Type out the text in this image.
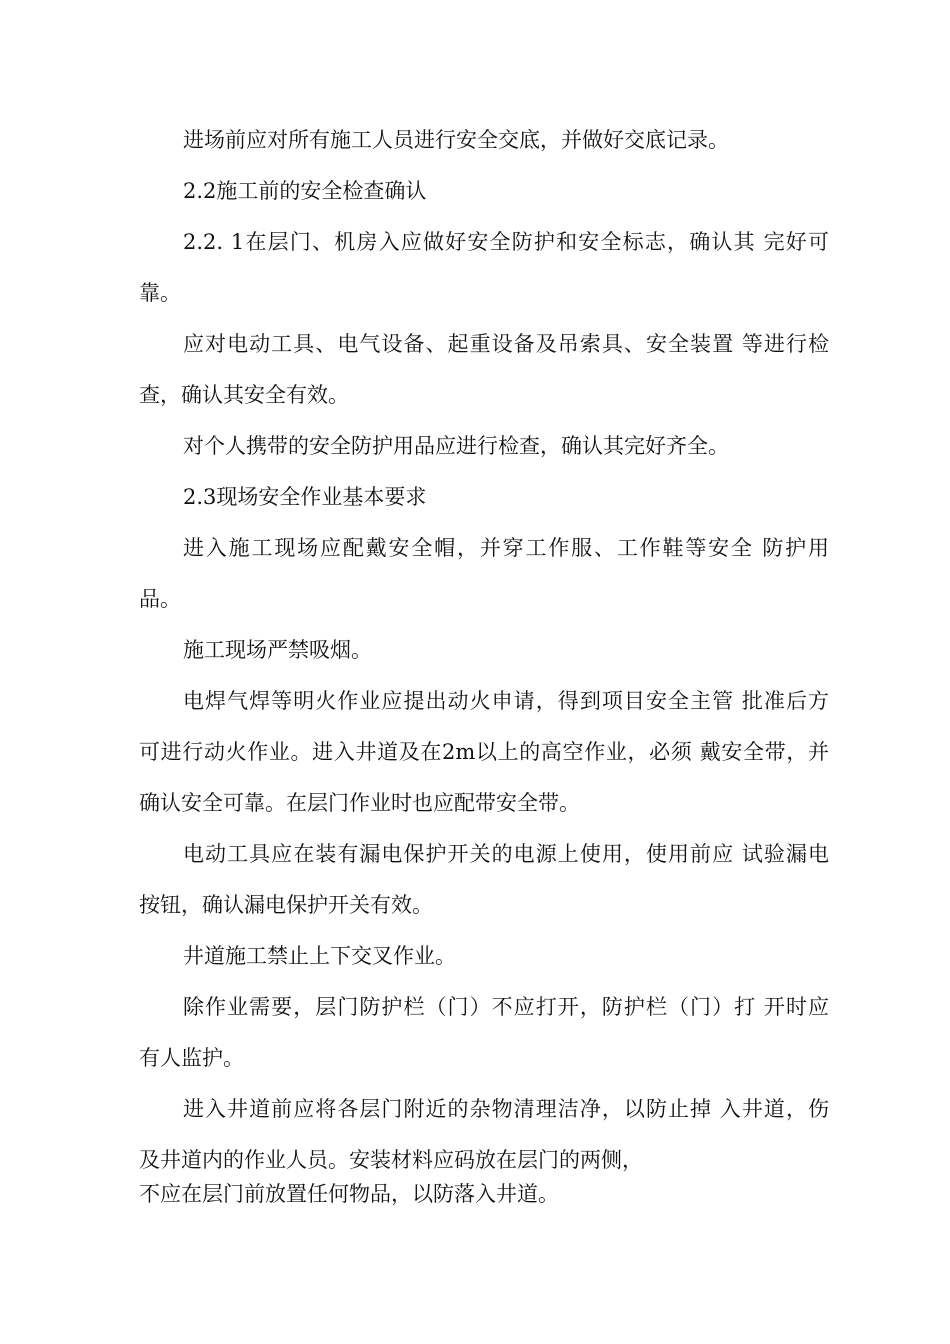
进场前应对所有施工人员进行安全交底，并做好交底记录。
2.2施工前的安全检查确认
2.2. 1在层门、机房入应做好安全防护和安全标志，确认其 完好可
靠。
应对电动工具、电气设备、起重设备及吊索具、安全装置 等进行检
查，确认其安全有效。
对个人携带的安全防护用品应进行检查，确认其完好齐全。
2.3现场安全作业基本要求
进入施工现场应配戴安全帽，并穿工作服、工作鞋等安全 防护用
品。
施工现场严禁吸烟。
电焊气焊等明火作业应提出动火申请，得到项目安全主管 批准后方
可进行动火作业。进入井道及在2m以上的高空作业，必须 戴安全带，并
确认安全可靠。在层门作业时也应配带安全带。
电动工具应在装有漏电保护开关的电源上使用，使用前应 试验漏电
按钮，确认漏电保护开关有效。
井道施工禁止上下交叉作业。
除作业需要，层门防护栏（门）不应打开，防护栏（门）打 开时应
有人监护。
进入井道前应将各层门附近的杂物清理洁净，以防止掉 入井道，伤
及井道内的作业人员。安装材料应码放在层门的两侧，
不应在层门前放置任何物品，以防落入井道。
